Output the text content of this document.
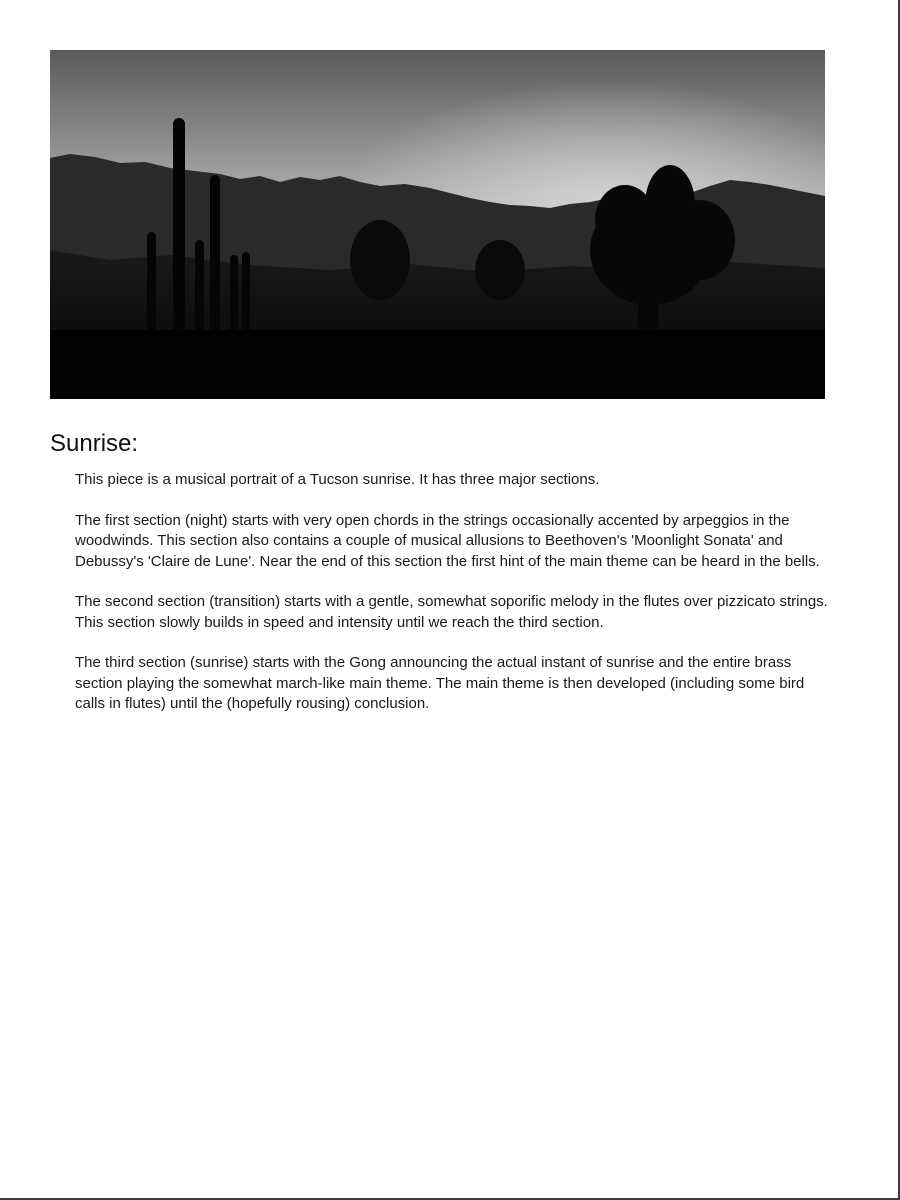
Sunrise:

This piece is a musical portrait of a Tucson sunrise. It has three major sections.

The first section (night) starts with very open chords in the strings occasionally accented by arpeggios in the woodwinds. This section also contains a couple of musical allusions to Beethoven's 'Moonlight Sonata' and Debussy's 'Claire de Lune'. Near the end of this section the first hint of the main theme can be heard in the bells.

The second section (transition) starts with a gentle, somewhat soporific melody in the flutes over pizzicato strings. This section slowly builds in speed and intensity until we reach the third section.

The third section (sunrise) starts with the Gong announcing the actual instant of sunrise and the entire brass section playing the somewhat march-like main theme. The main theme is then developed (including some bird calls in flutes) until the (hopefully rousing) conclusion.
